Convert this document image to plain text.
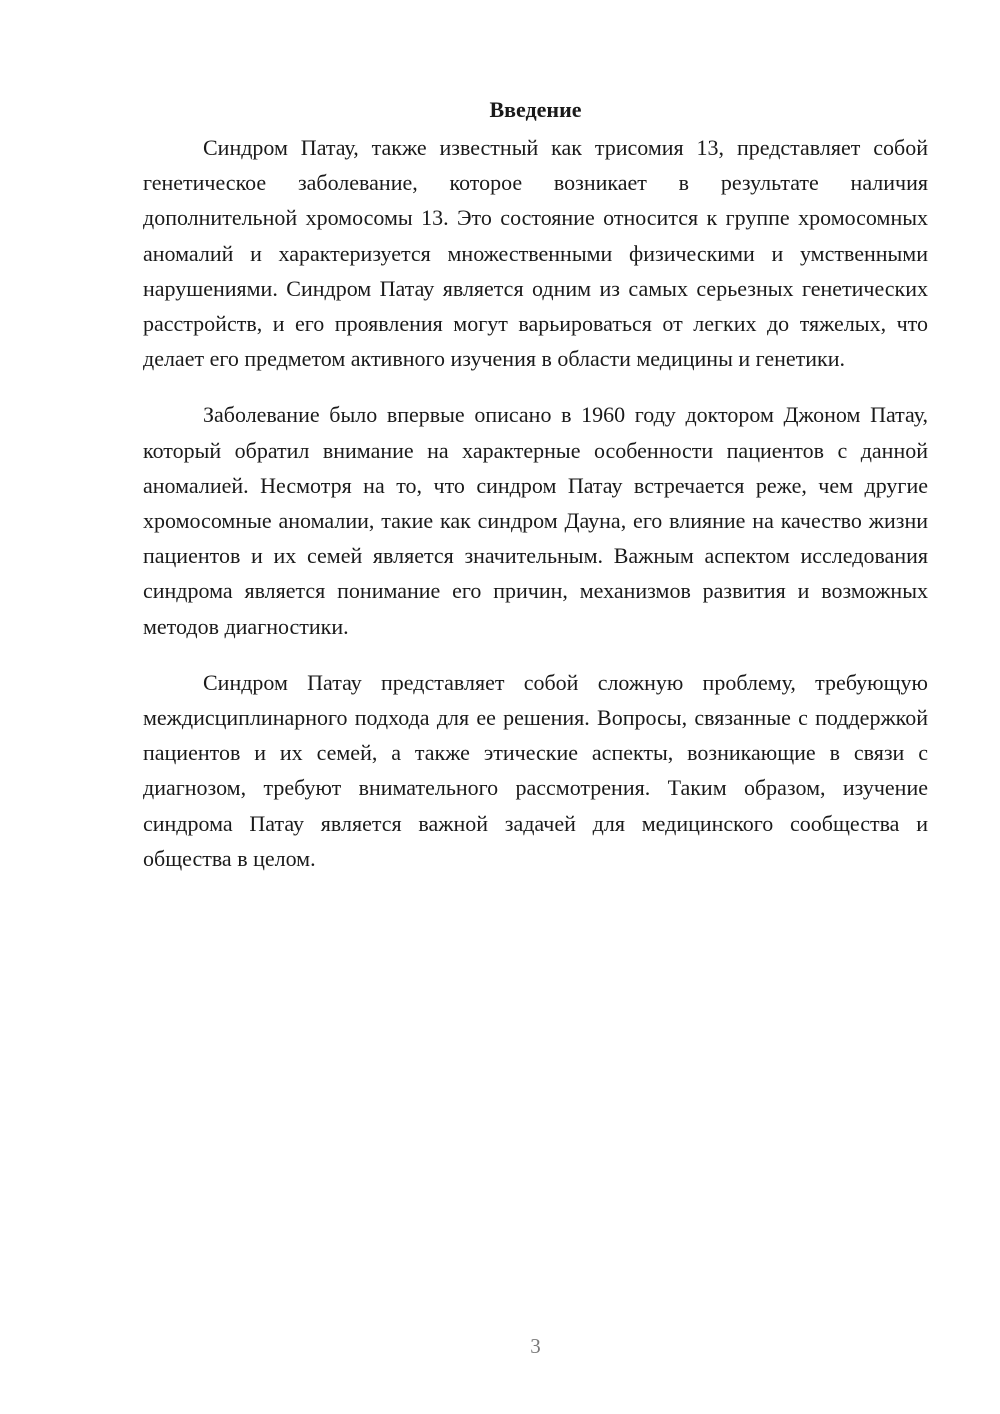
Введение

Синдром Патау, также известный как трисомия 13, представляет собой генетическое заболевание, которое возникает в результате наличия дополнительной хромосомы 13. Это состояние относится к группе хромосомных аномалий и характеризуется множественными физическими и умственными нарушениями. Синдром Патау является одним из самых серьезных генетических расстройств, и его проявления могут варьироваться от легких до тяжелых, что делает его предметом активного изучения в области медицины и генетики.

Заболевание было впервые описано в 1960 году доктором Джоном Патау, который обратил внимание на характерные особенности пациентов с данной аномалией. Несмотря на то, что синдром Патау встречается реже, чем другие хромосомные аномалии, такие как синдром Дауна, его влияние на качество жизни пациентов и их семей является значительным. Важным аспектом исследования синдрома является понимание его причин, механизмов развития и возможных методов диагностики.

Синдром Патау представляет собой сложную проблему, требующую междисциплинарного подхода для ее решения. Вопросы, связанные с поддержкой пациентов и их семей, а также этические аспекты, возникающие в связи с диагнозом, требуют внимательного рассмотрения. Таким образом, изучение синдрома Патау является важной задачей для медицинского сообщества и общества в целом.

3
